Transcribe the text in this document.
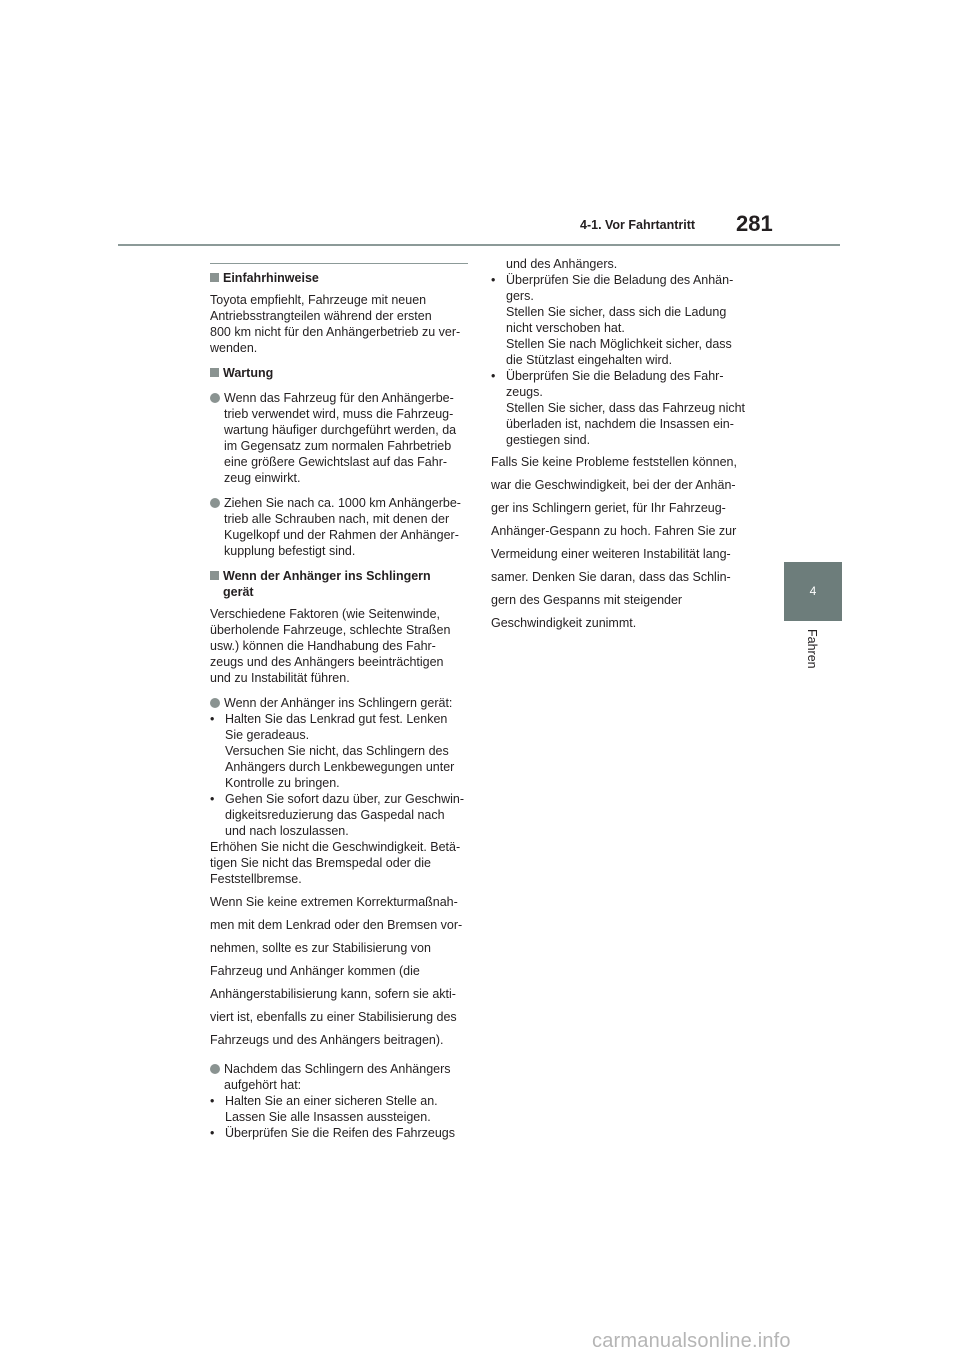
4-1. Vor Fahrtantritt 281
4
Fahren
Einfahrhinweise
Toyota empfiehlt, Fahrzeuge mit neuen
Antriebsstrangteilen während der ersten
800 km nicht für den Anhängerbetrieb zu ver-
wenden.
Wartung
Wenn das Fahrzeug für den Anhängerbe-
trieb verwendet wird, muss die Fahrzeug-
wartung häufiger durchgeführt werden, da
im Gegensatz zum normalen Fahrbetrieb
eine größere Gewichtslast auf das Fahr-
zeug einwirkt.
Ziehen Sie nach ca. 1000 km Anhängerbe-
trieb alle Schrauben nach, mit denen der
Kugelkopf und der Rahmen der Anhänger-
kupplung befestigt sind.
Wenn der Anhänger ins Schlingern
gerät
Verschiedene Faktoren (wie Seitenwinde,
überholende Fahrzeuge, schlechte Straßen
usw.) können die Handhabung des Fahr-
zeugs und des Anhängers beeinträchtigen
und zu Instabilität führen.
Wenn der Anhänger ins Schlingern gerät:
• Halten Sie das Lenkrad gut fest. Lenken
Sie geradeaus.
Versuchen Sie nicht, das Schlingern des
Anhängers durch Lenkbewegungen unter
Kontrolle zu bringen.
• Gehen Sie sofort dazu über, zur Geschwin-
digkeitsreduzierung das Gaspedal nach
und nach loszulassen.
Erhöhen Sie nicht die Geschwindigkeit. Betä-
tigen Sie nicht das Bremspedal oder die
Feststellbremse.
Wenn Sie keine extremen Korrekturmaßnah-
men mit dem Lenkrad oder den Bremsen vor-
nehmen, sollte es zur Stabilisierung von
Fahrzeug und Anhänger kommen (die
Anhängerstabilisierung kann, sofern sie akti-
viert ist, ebenfalls zu einer Stabilisierung des
Fahrzeugs und des Anhängers beitragen).
Nachdem das Schlingern des Anhängers
aufgehört hat:
• Halten Sie an einer sicheren Stelle an.
Lassen Sie alle Insassen aussteigen.
• Überprüfen Sie die Reifen des Fahrzeugs
und des Anhängers.
• Überprüfen Sie die Beladung des Anhän-
gers.
Stellen Sie sicher, dass sich die Ladung
nicht verschoben hat.
Stellen Sie nach Möglichkeit sicher, dass
die Stützlast eingehalten wird.
• Überprüfen Sie die Beladung des Fahr-
zeugs.
Stellen Sie sicher, dass das Fahrzeug nicht
überladen ist, nachdem die Insassen ein-
gestiegen sind.
Falls Sie keine Probleme feststellen können,
war die Geschwindigkeit, bei der der Anhän-
ger ins Schlingern geriet, für Ihr Fahrzeug-
Anhänger-Gespann zu hoch. Fahren Sie zur
Vermeidung einer weiteren Instabilität lang-
samer. Denken Sie daran, dass das Schlin-
gern des Gespanns mit steigender
Geschwindigkeit zunimmt.
carmanualsonline.info
